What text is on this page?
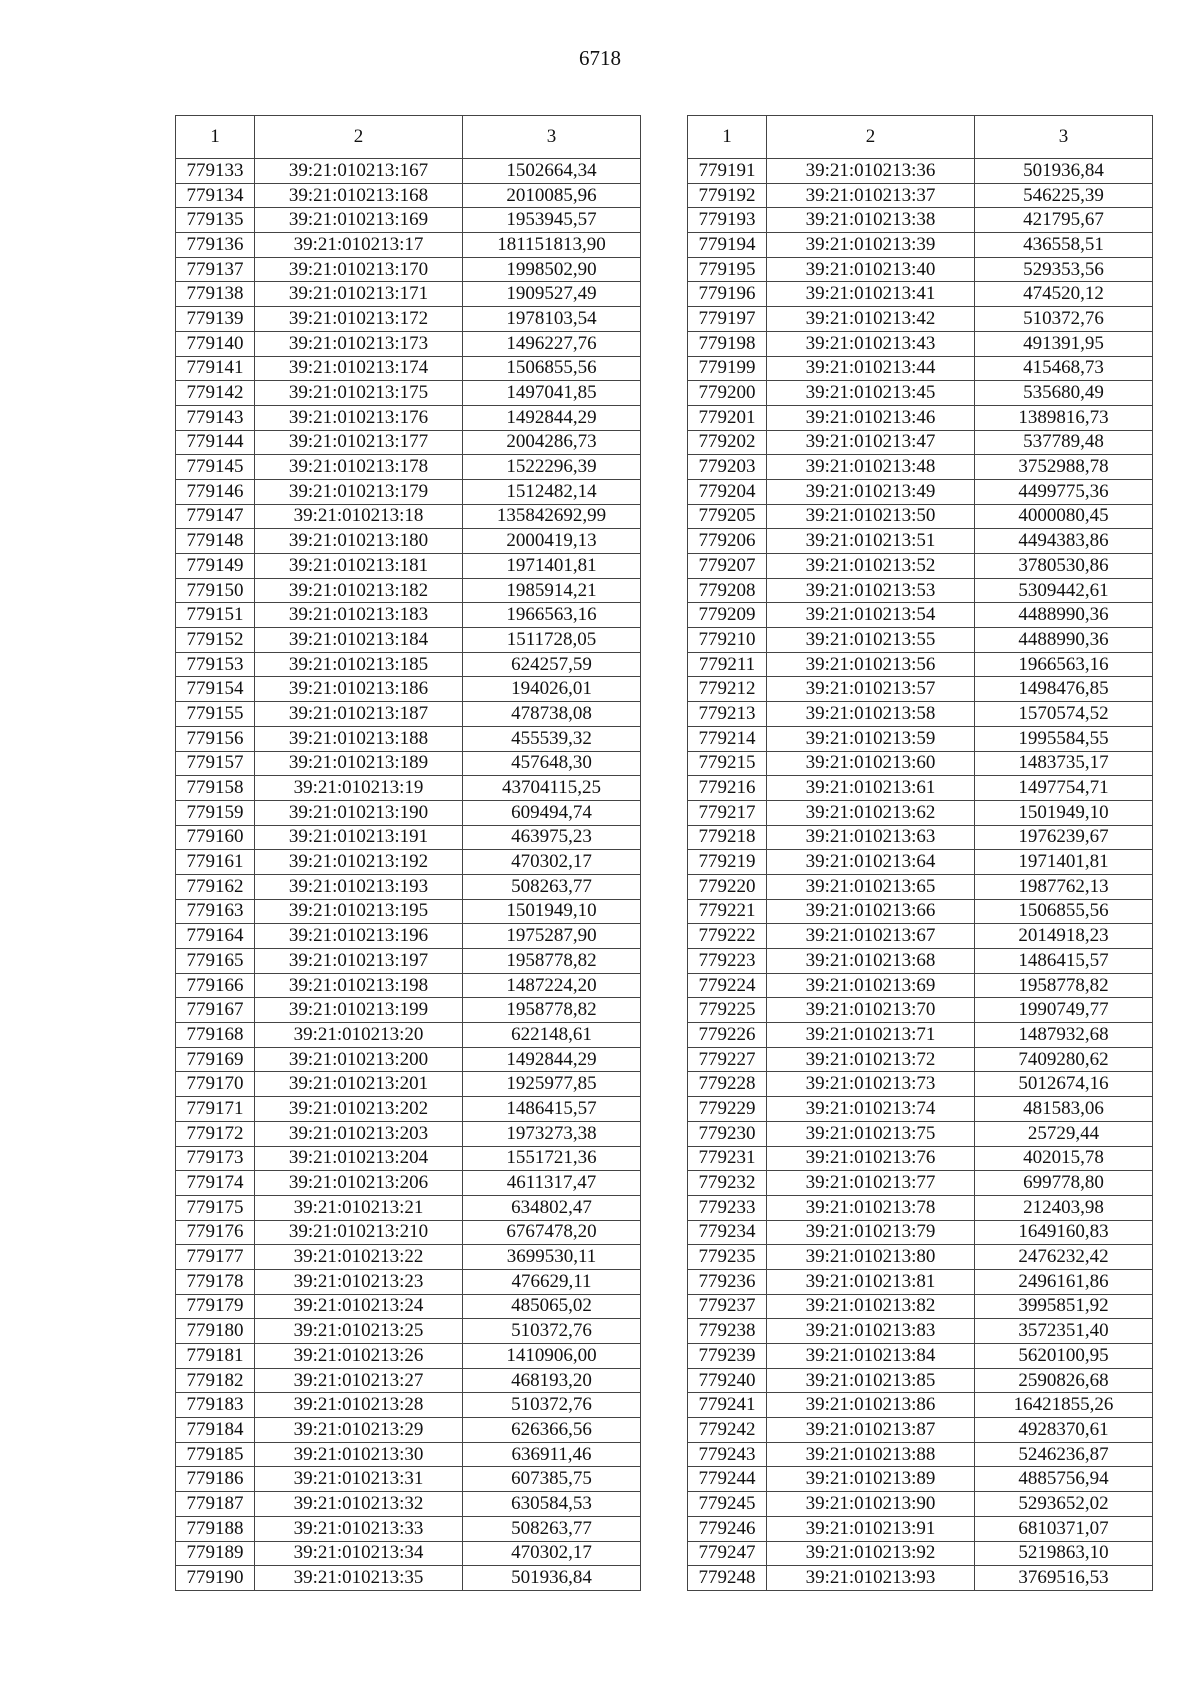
6718
1	2	3
779133	39:21:010213:167	1502664,34
779134	39:21:010213:168	2010085,96
779135	39:21:010213:169	1953945,57
779136	39:21:010213:17	181151813,90
779137	39:21:010213:170	1998502,90
779138	39:21:010213:171	1909527,49
779139	39:21:010213:172	1978103,54
779140	39:21:010213:173	1496227,76
779141	39:21:010213:174	1506855,56
779142	39:21:010213:175	1497041,85
779143	39:21:010213:176	1492844,29
779144	39:21:010213:177	2004286,73
779145	39:21:010213:178	1522296,39
779146	39:21:010213:179	1512482,14
779147	39:21:010213:18	135842692,99
779148	39:21:010213:180	2000419,13
779149	39:21:010213:181	1971401,81
779150	39:21:010213:182	1985914,21
779151	39:21:010213:183	1966563,16
779152	39:21:010213:184	1511728,05
779153	39:21:010213:185	624257,59
779154	39:21:010213:186	194026,01
779155	39:21:010213:187	478738,08
779156	39:21:010213:188	455539,32
779157	39:21:010213:189	457648,30
779158	39:21:010213:19	43704115,25
779159	39:21:010213:190	609494,74
779160	39:21:010213:191	463975,23
779161	39:21:010213:192	470302,17
779162	39:21:010213:193	508263,77
779163	39:21:010213:195	1501949,10
779164	39:21:010213:196	1975287,90
779165	39:21:010213:197	1958778,82
779166	39:21:010213:198	1487224,20
779167	39:21:010213:199	1958778,82
779168	39:21:010213:20	622148,61
779169	39:21:010213:200	1492844,29
779170	39:21:010213:201	1925977,85
779171	39:21:010213:202	1486415,57
779172	39:21:010213:203	1973273,38
779173	39:21:010213:204	1551721,36
779174	39:21:010213:206	4611317,47
779175	39:21:010213:21	634802,47
779176	39:21:010213:210	6767478,20
779177	39:21:010213:22	3699530,11
779178	39:21:010213:23	476629,11
779179	39:21:010213:24	485065,02
779180	39:21:010213:25	510372,76
779181	39:21:010213:26	1410906,00
779182	39:21:010213:27	468193,20
779183	39:21:010213:28	510372,76
779184	39:21:010213:29	626366,56
779185	39:21:010213:30	636911,46
779186	39:21:010213:31	607385,75
779187	39:21:010213:32	630584,53
779188	39:21:010213:33	508263,77
779189	39:21:010213:34	470302,17
779190	39:21:010213:35	501936,84
1	2	3
779191	39:21:010213:36	501936,84
779192	39:21:010213:37	546225,39
779193	39:21:010213:38	421795,67
779194	39:21:010213:39	436558,51
779195	39:21:010213:40	529353,56
779196	39:21:010213:41	474520,12
779197	39:21:010213:42	510372,76
779198	39:21:010213:43	491391,95
779199	39:21:010213:44	415468,73
779200	39:21:010213:45	535680,49
779201	39:21:010213:46	1389816,73
779202	39:21:010213:47	537789,48
779203	39:21:010213:48	3752988,78
779204	39:21:010213:49	4499775,36
779205	39:21:010213:50	4000080,45
779206	39:21:010213:51	4494383,86
779207	39:21:010213:52	3780530,86
779208	39:21:010213:53	5309442,61
779209	39:21:010213:54	4488990,36
779210	39:21:010213:55	4488990,36
779211	39:21:010213:56	1966563,16
779212	39:21:010213:57	1498476,85
779213	39:21:010213:58	1570574,52
779214	39:21:010213:59	1995584,55
779215	39:21:010213:60	1483735,17
779216	39:21:010213:61	1497754,71
779217	39:21:010213:62	1501949,10
779218	39:21:010213:63	1976239,67
779219	39:21:010213:64	1971401,81
779220	39:21:010213:65	1987762,13
779221	39:21:010213:66	1506855,56
779222	39:21:010213:67	2014918,23
779223	39:21:010213:68	1486415,57
779224	39:21:010213:69	1958778,82
779225	39:21:010213:70	1990749,77
779226	39:21:010213:71	1487932,68
779227	39:21:010213:72	7409280,62
779228	39:21:010213:73	5012674,16
779229	39:21:010213:74	481583,06
779230	39:21:010213:75	25729,44
779231	39:21:010213:76	402015,78
779232	39:21:010213:77	699778,80
779233	39:21:010213:78	212403,98
779234	39:21:010213:79	1649160,83
779235	39:21:010213:80	2476232,42
779236	39:21:010213:81	2496161,86
779237	39:21:010213:82	3995851,92
779238	39:21:010213:83	3572351,40
779239	39:21:010213:84	5620100,95
779240	39:21:010213:85	2590826,68
779241	39:21:010213:86	16421855,26
779242	39:21:010213:87	4928370,61
779243	39:21:010213:88	5246236,87
779244	39:21:010213:89	4885756,94
779245	39:21:010213:90	5293652,02
779246	39:21:010213:91	6810371,07
779247	39:21:010213:92	5219863,10
779248	39:21:010213:93	3769516,53
